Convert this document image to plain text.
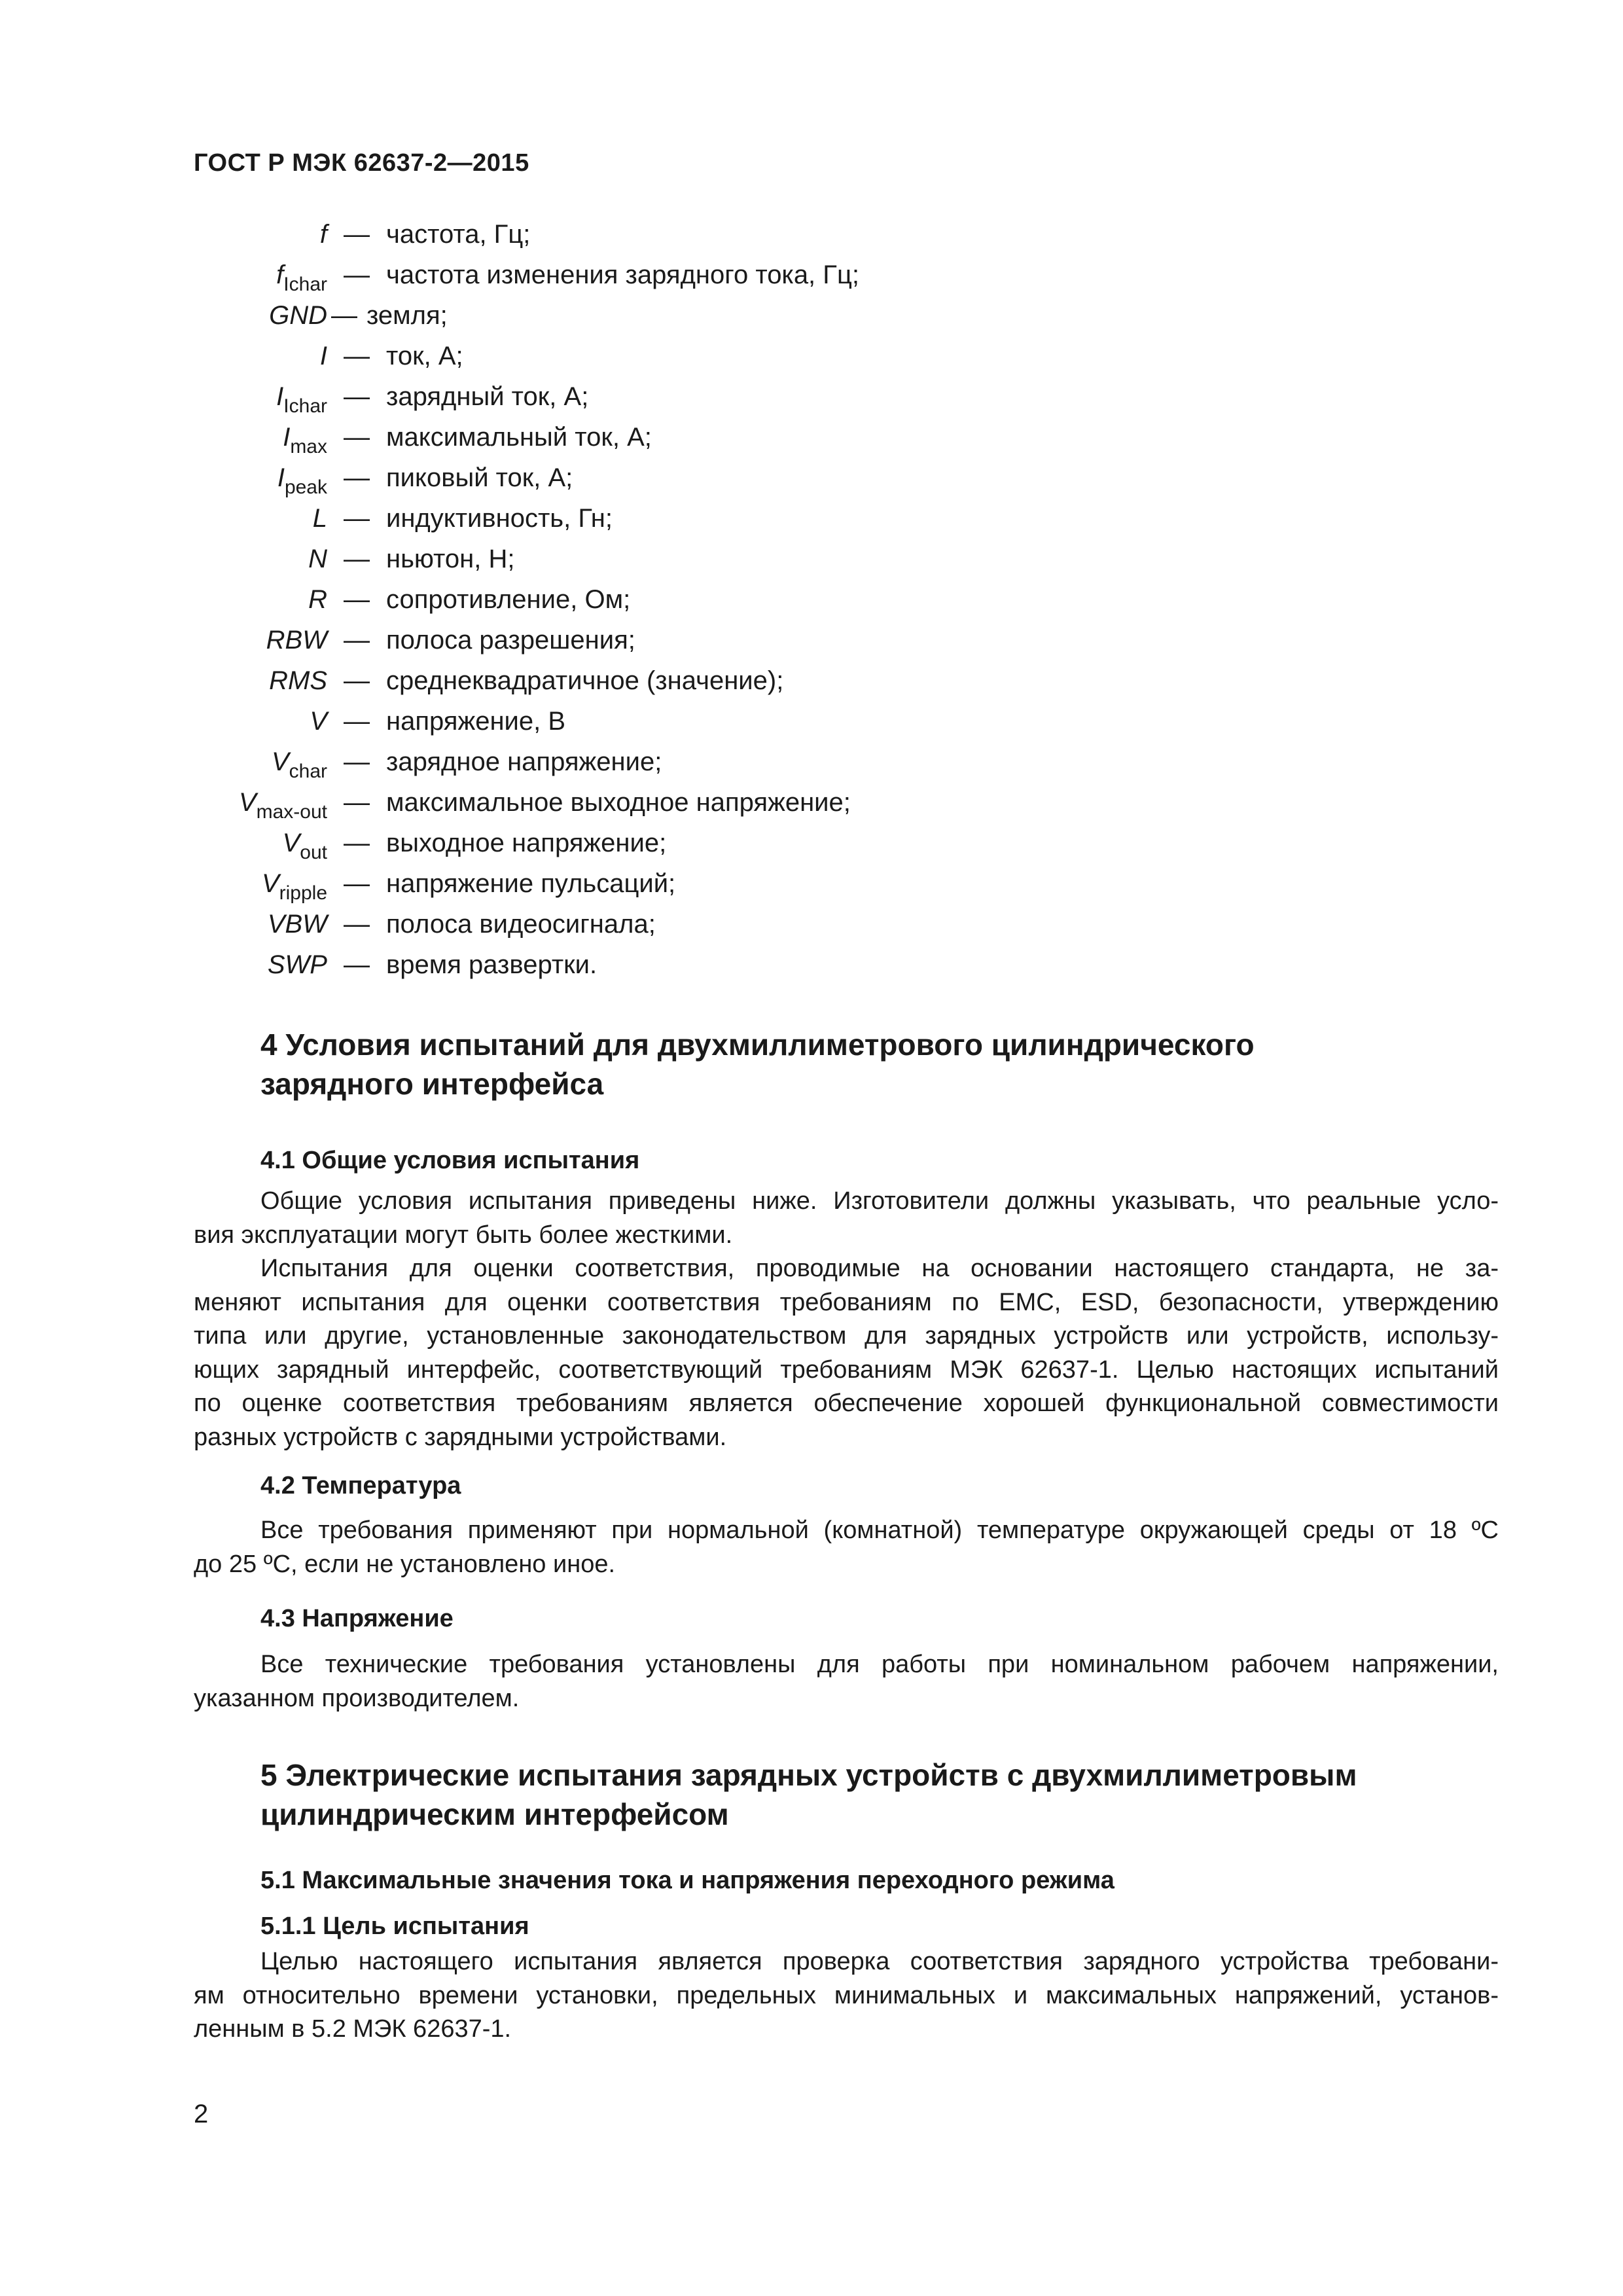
ГОСТ Р МЭК 62637-2—2015
f — частота, Гц;
$f_{Ichar}$ — частота изменения зарядного тока, Гц;
GND — земля;
I — ток, А;
$I_{Ichar}$ — зарядный ток, А;
$I_{max}$ — максимальный ток, А;
$I_{peak}$ — пиковый ток, А;
L — индуктивность, Гн;
N — ньютон, Н;
R — сопротивление, Ом;
RBW — полоса разрешения;
RMS — среднеквадратичное (значение);
V — напряжение, В
$V_{char}$ — зарядное напряжение;
$V_{max-out}$ — максимальное выходное напряжение;
$V_{out}$ — выходное напряжение;
$V_{ripple}$ — напряжение пульсаций;
VBW — полоса видеосигнала;
SWP — время развертки.
4 Условия испытаний для двухмиллиметрового цилиндрического
зарядного интерфейса
4.1 Общие условия испытания
Общие условия испытания приведены ниже. Изготовители должны указывать, что реальные усло-
вия эксплуатации могут быть более жесткими.
Испытания для оценки соответствия, проводимые на основании настоящего стандарта, не за-
меняют испытания для оценки соответствия требованиям по EMC, ESD, безопасности, утверждению
типа или другие, установленные законодательством для зарядных устройств или устройств, использу-
ющих зарядный интерфейс, соответствующий требованиям МЭК 62637-1. Целью настоящих испытаний
по оценке соответствия требованиям является обеспечение хорошей функциональной совместимости
разных устройств с зарядными устройствами.
4.2 Температура
Все требования применяют при нормальной (комнатной) температуре окружающей среды от 18 ºС
до 25 ºС, если не установлено иное.
4.3 Напряжение
Все технические требования установлены для работы при номинальном рабочем напряжении,
указанном производителем.
5 Электрические испытания зарядных устройств с двухмиллиметровым
цилиндрическим интерфейсом
5.1 Максимальные значения тока и напряжения переходного режима
5.1.1 Цель испытания
Целью настоящего испытания является проверка соответствия зарядного устройства требовани-
ям относительно времени установки, предельных минимальных и максимальных напряжений, установ-
ленным в 5.2 МЭК 62637-1.
2
